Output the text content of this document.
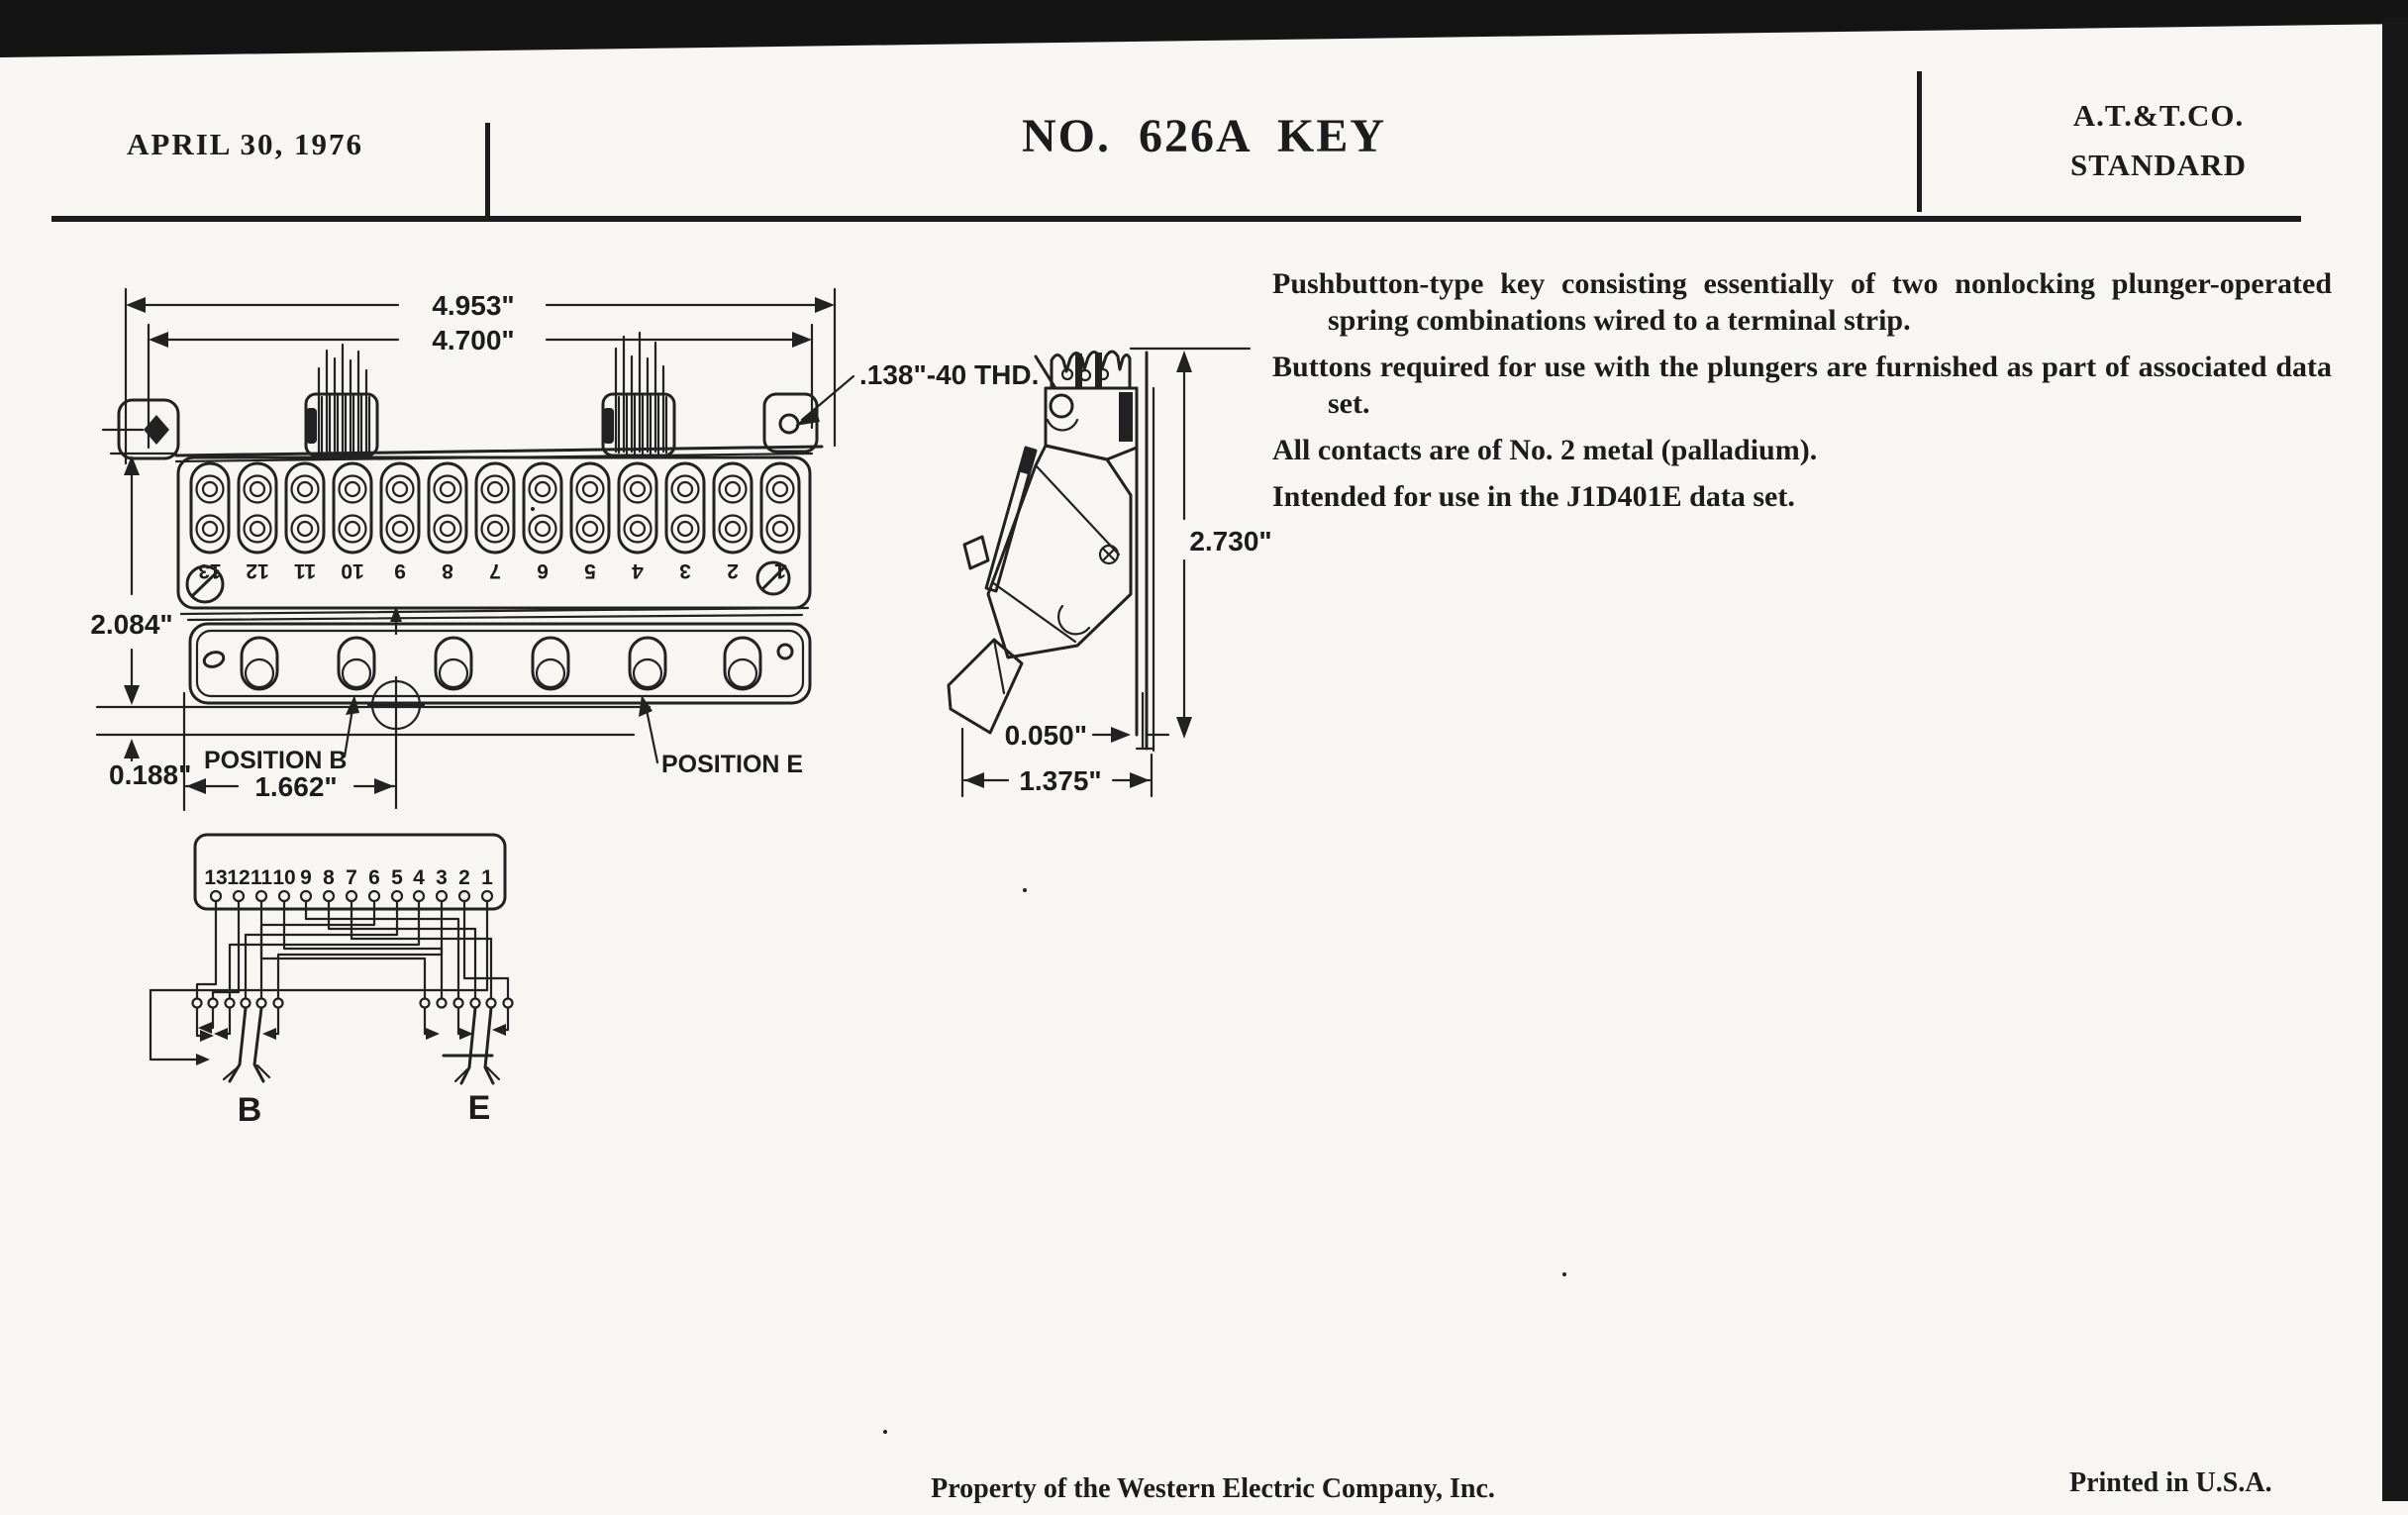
APRIL 30, 1976	NO. 626A KEY	A.T.&T.CO.
STANDARD

Pushbutton-type key consisting essentially of two nonlocking plunger-operated spring combinations wired to a terminal strip.

Buttons required for use with the plungers are furnished as part of associated data set.

All contacts are of No. 2 metal (palladium).

Intended for use in the J1D401E data set.

Property of the Western Electric Company, Inc.	Printed in U.S.A.
4.953"
4.700"
.138"-40 THD.
13 12 11 10 9 8 7 6 5 4 3 2 1
2.084"
0.188" POSITION B	POSITION E
1.662"
2.730"
0.050"
1.375"
13 12 11 10 9 8 7 6 5 4 3 2 1
B	E
